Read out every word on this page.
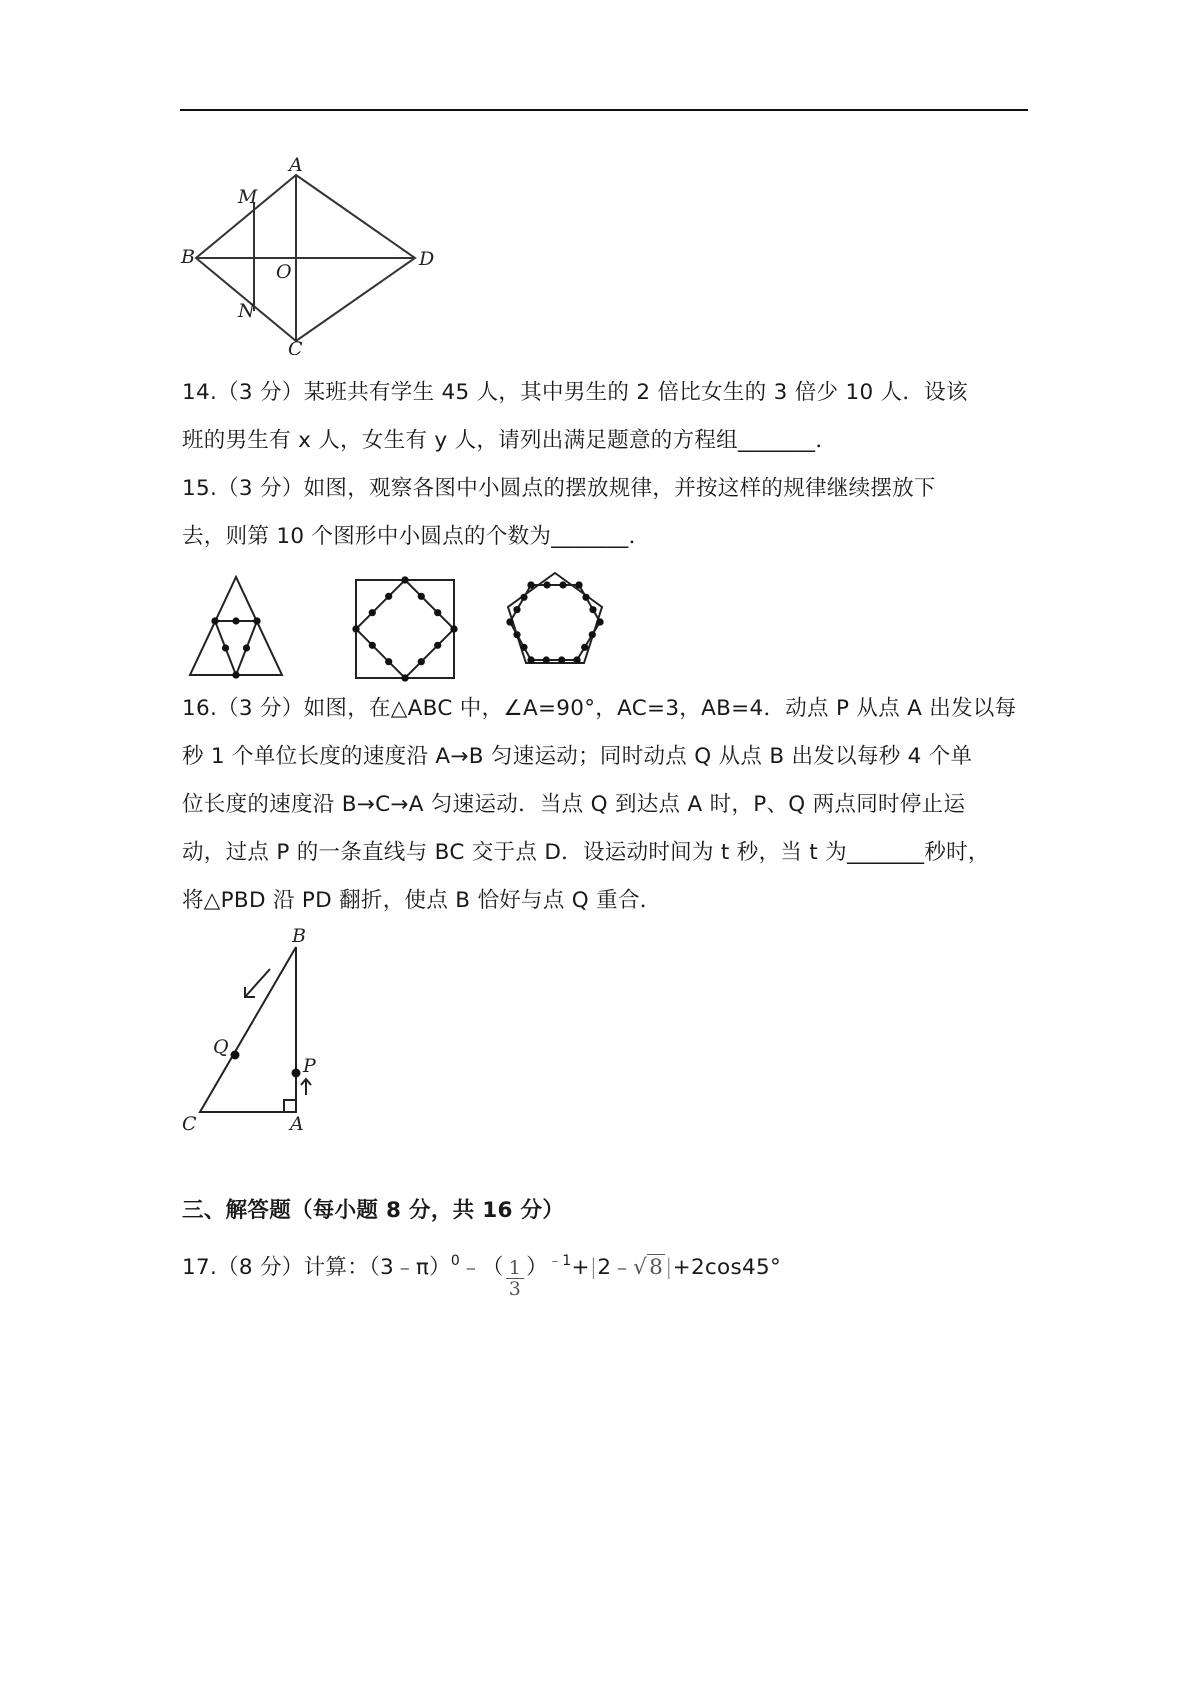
A
B
C
D
M
N
O
14.（3 分）某班共有学生 45 人，其中男生的 2 倍比女生的 3 倍少 10 人．设该
班的男生有 x 人，女生有 y 人，请列出满足题意的方程组_______．
15.（3 分）如图，观察各图中小圆点的摆放规律，并按这样的规律继续摆放下
去，则第 10 个图形中小圆点的个数为_______．
16.（3 分）如图，在△ABC 中，∠A=90°，AC=3，AB=4．动点 P 从点 A 出发以每
秒 1 个单位长度的速度沿 A→B 匀速运动；同时动点 Q 从点 B 出发以每秒 4 个单
位长度的速度沿 B→C→A 匀速运动．当点 Q 到达点 A 时，P、Q 两点同时停止运
动，过点 P 的一条直线与 BC 交于点 D．设运动时间为 t 秒，当 t 为_______秒时，
将△PBD 沿 PD 翻折，使点 B 恰好与点 Q 重合．
B
C	A
P
Q
三、解答题（每小题 8 分，共 16 分）
17.（8 分）计算：（3﹣π）$^0$﹣（ $\frac{1}{3}$ ）$^{﹣1}$+|2﹣√8|+2cos45°
